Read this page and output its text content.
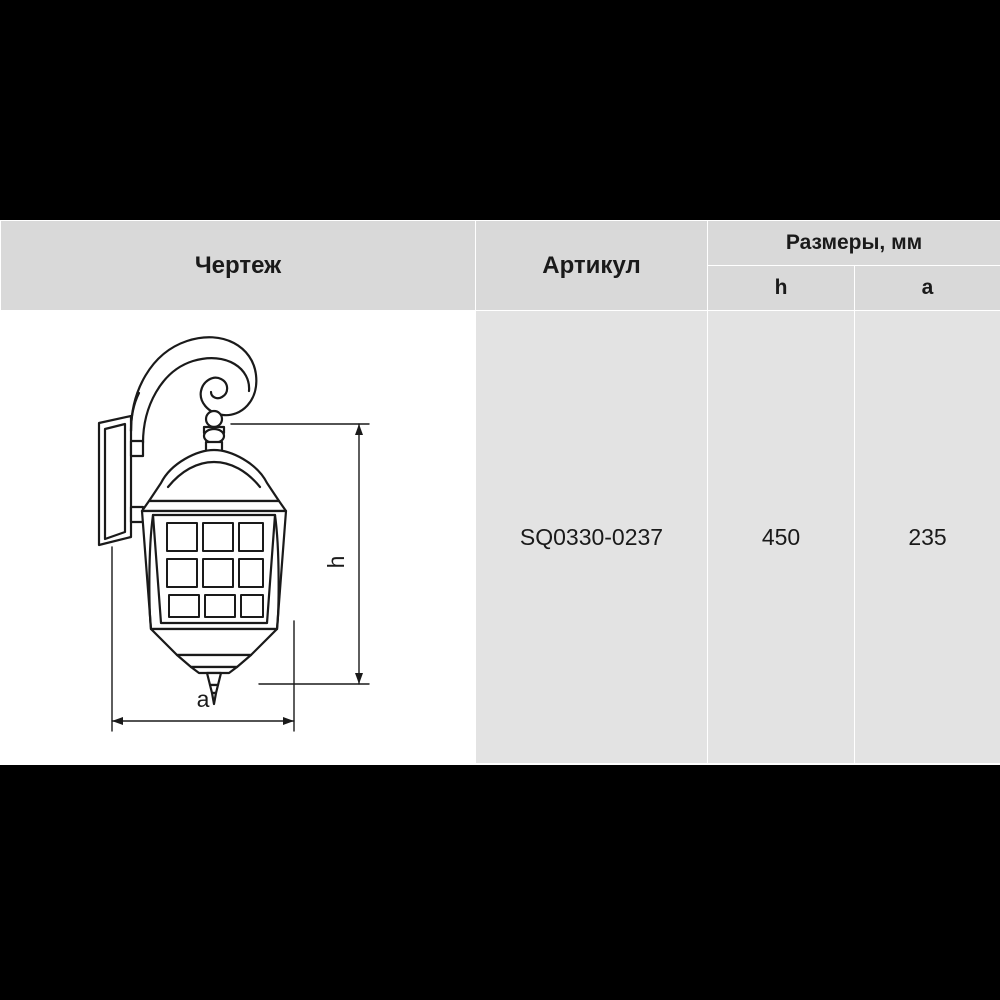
Чертеж	Артикул	Размеры, мм	
		h	a

h
a	SQ0330-0237	450	235
